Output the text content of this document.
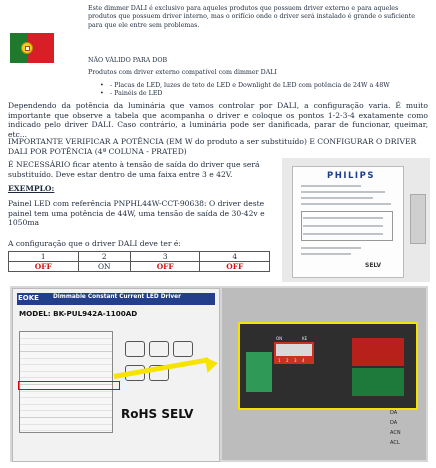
Este dimmer DALI é exclusivo para aqueles produtos que possuem driver externo e para aqueles produtos que possuem driver interno, mas o orifício onde o driver será instalado é grande o suficiente para que ele entre sem problemas.
NÃO VÁLIDO PARA DOB
Produtos com driver externo compatível com dimmer DALI
• - Placas de LED, luzes de teto de LED e Downlight de LED com potência de 24W a 48W
• - Painéis de LED
Dependendo da potência da luminária que vamos controlar por DALI, a configuração varia. É muito importante que observe a tabela que acompanha o driver e coloque os pontos 1-2-3-4 exatamente como indicado pelo driver DALI. Caso contrário, a luminária pode ser danificada, parar de funcionar, queimar, etc...
IMPORTANTE VERIFICAR A POTÊNCIA (EM W do produto a ser substituído) E CONFIGURAR O DRIVER DALI POR POTÊNCIA (4ª COLUNA - PRATED)
É NECESSÁRIO ficar atento à tensão de saída do driver que será substituído. Deve estar dentro de uma faixa entre 3 e 42V.
EXEMPLO:
Painel LED com referência PNPHL44W-CCT-90638: O driver deste painel tem uma potência de 44W, uma tensão de saída de 30-42v e 1050ma
A configuração que o driver DALI deve ter é:
1	2	3	4
OFF	ON	OFF	OFF
PHILIPS
SELV
EOKE Dimmable Constant Current LED Driver
MODEL: BK-PUL942A-1100AD
RoHS SELV
ON	KE
1 2 3 4
DA
DA
ACN
ACL
